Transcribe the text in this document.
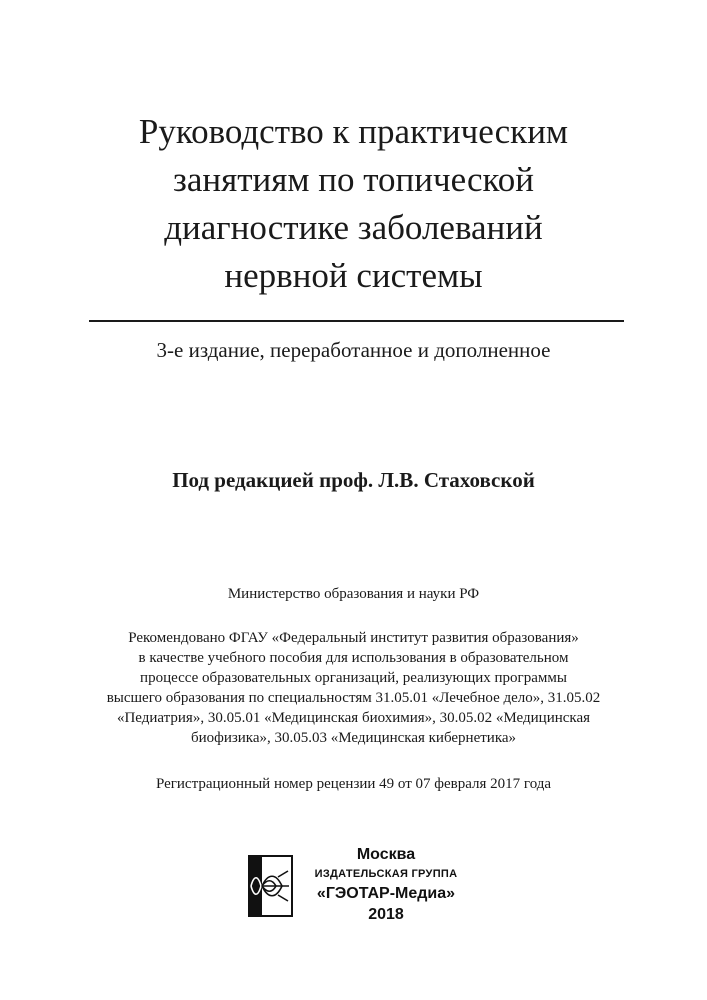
Руководство к практическим
занятиям по топической
диагностике заболеваний
нервной системы
3-е издание, переработанное и дополненное
Под редакцией проф. Л.В. Стаховской
Министерство образования и науки РФ
Рекомендовано ФГАУ «Федеральный институт развития образования»
в качестве учебного пособия для использования в образовательном
процессе образовательных организаций, реализующих программы
высшего образования по специальностям 31.05.01 «Лечебное дело», 31.05.02
«Педиатрия», 30.05.01 «Медицинская биохимия», 30.05.02 «Медицинская
биофизика», 30.05.03 «Медицинская кибернетика»
Регистрационный номер рецензии 49 от 07 февраля 2017 года
Москва
ИЗДАТЕЛЬСКАЯ ГРУППА
«ГЭОТАР-Медиа»
2018
